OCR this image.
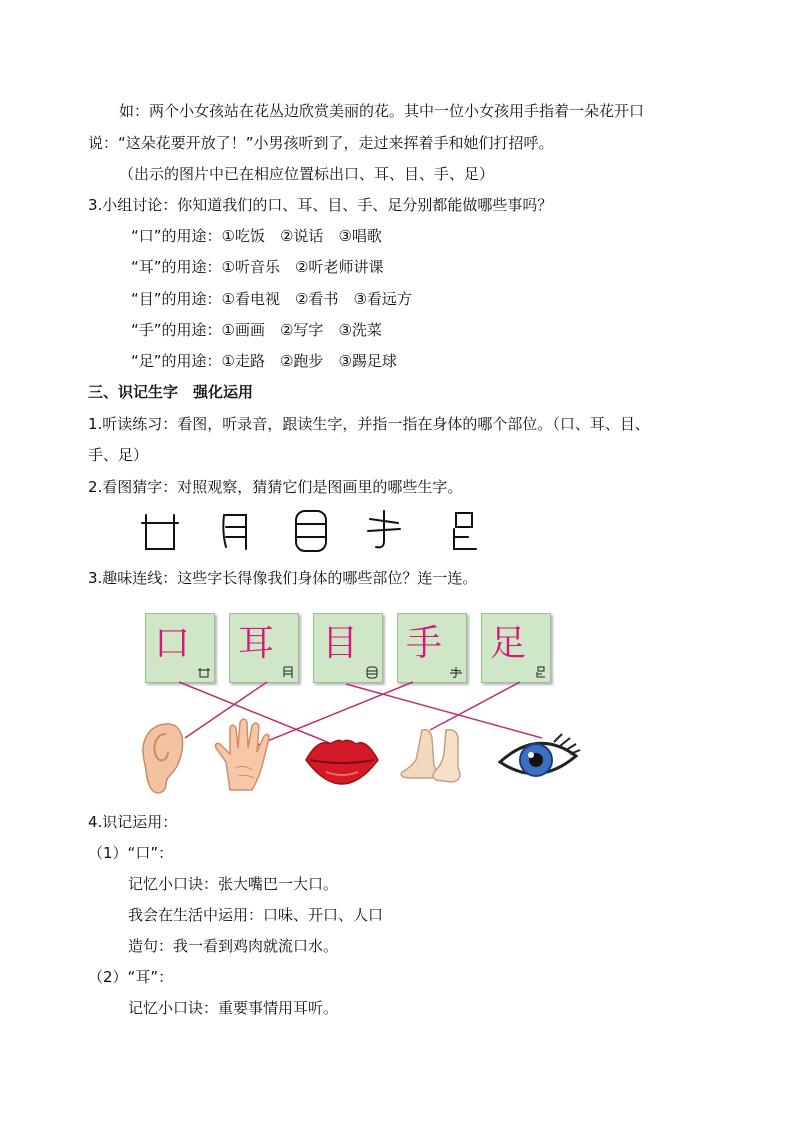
如：两个小女孩站在花丛边欣赏美丽的花。其中一位小女孩用手指着一朵花开口
说：“这朵花要开放了！”小男孩听到了，走过来挥着手和她们打招呼。
（出示的图片中已在相应位置标出口、耳、目、手、足）
3.小组讨论：你知道我们的口、耳、目、手、足分别都能做哪些事吗？
“口”的用途：①吃饭　②说话　③唱歌
“耳”的用途：①听音乐　②听老师讲课
“目”的用途：①看电视　②看书　③看远方
“手”的用途：①画画　②写字　③洗菜
“足”的用途：①走路　②跑步　③踢足球
三、识记生字　强化运用
1.听读练习：看图，听录音，跟读生字，并指一指在身体的哪个部位。（口、耳、目、
手、足）
2.看图猜字：对照观察，猜猜它们是图画里的哪些生字。
3.趣味连线：这些字长得像我们身体的哪些部位？连一连。
口 耳 目 手 足
4.识记运用：
（1）“口”：
记忆小口诀：张大嘴巴一大口。
我会在生活中运用：口味、开口、人口
造句：我一看到鸡肉就流口水。
（2）“耳”：
记忆小口诀：重要事情用耳听。
